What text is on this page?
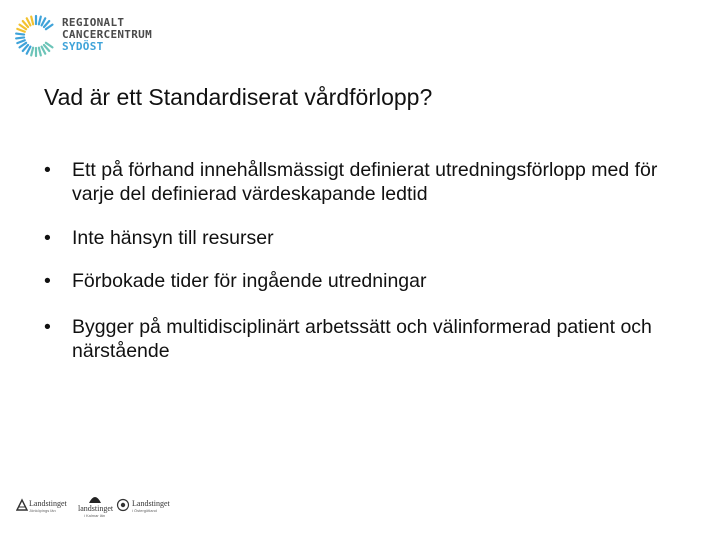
REGIONALT
CANCERCENTRUM
SYDÖST
Vad är ett Standardiserat vårdförlopp?
• Ett på förhand innehållsmässigt definierat utredningsförlopp med för varje del definierad värdeskapande ledtid
• Inte hänsyn till resurser
• Förbokade tider för ingående utredningar
• Bygger på multidisciplinärt arbetssätt och välinformerad patient och närstående
Landstinget
Jönköpings län	landstinget
i Kalmar län
Landstinget
i Östergötland
